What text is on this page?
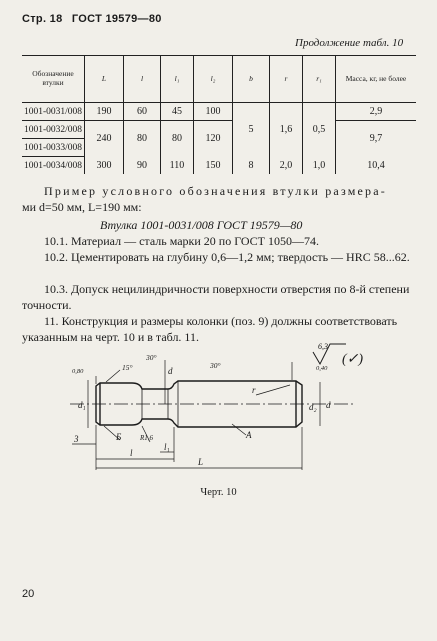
Стр. 18 ГОСТ 19579—80
Продолжение табл. 10
Обозначение втулки	L	l	l₁	l₂	b	r	r₁	Масса, кг, не более
1001-0031/008	190	60	45	100	5	1,6	0,5	2,9
1001-0032/008	240	80	80	120				9,7
1001-0033/008								
1001-0034/008	300	90	110	150	8	2,0	1,0	10,4
Пример условного обозначения втулки размера-
ми d=50 мм, L=190 мм:
Втулка 1001-0031/008 ГОСТ 19579—80
10.1. Материал — сталь марки 20 по ГОСТ 1050—74.
10.2. Цементировать на глубину 0,6—1,2 мм; твердость — HRC 58...62.
10.3. Допуск нецилиндричности поверхности отверстия по 8-й степени точности.
11. Конструкция и размеры колонки (поз. 9) должны соответствовать указанным на черт. 10 и в табл. 11.
6,3
(✓)
0,80	15°
30°
30°	0,40
d₁
d
d₂ d
r
3	Б	R1,6	А
l
l₁
L
Черт. 10
20
